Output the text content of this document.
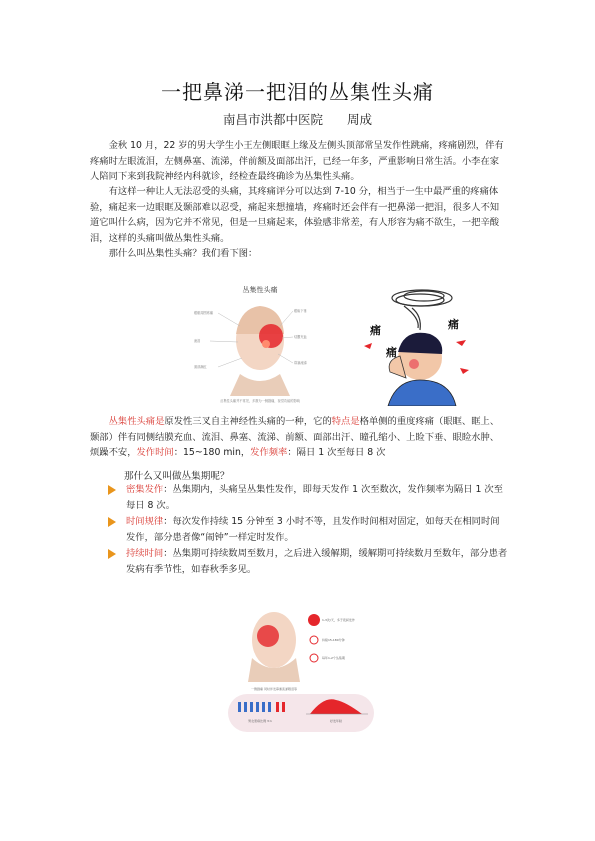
一把鼻涕一把泪的丛集性头痛
南昌市洪都中医院 周成

金秋 10 月，22 岁的男大学生小王左侧眼眶上缘及左侧头顶部常呈发作性跳痛，疼痛剧烈，伴有疼痛时左眼流泪，左侧鼻塞、流涕，伴前额及面部出汗，已经一年多，严重影响日常生活。小李在家人陪同下来到我院神经内科就诊，经检查最终确诊为丛集性头痛。

有这样一种让人无法忍受的头痛，其疼痛评分可以达到 7-10 分，相当于一生中最严重的疼痛体验，痛起来一边眼眶及颞部难以忍受，痛起来想撞墙，疼痛时还会伴有一把鼻涕一把泪，很多人不知道它叫什么病，因为它并不常见，但是一旦痛起来，体验感非常差，有人形容为痛不欲生，一把辛酸泪，这样的头痛叫做丛集性头痛。

那什么叫丛集性头痛？我们看下图：

丛集性头痛
眼眶周围疼痛
流泪
面部潮红
眼睑下垂
结膜充血
鼻塞流涕
丛集性头痛并不常见，多数为一侧剧痛，视觉功能的影响
痛	痛
痛

丛集性头痛是原发性三叉自主神经性头痛的一种，它的特点是格单侧的重度疼痛（眼眶、眶上、颞部）伴有同侧结膜充血、流泪、鼻塞、流涕、前额、面部出汗、瞳孔缩小、上睑下垂、眼睑水肿、烦躁不安，发作时间：15~180 min，发作频率：隔日 1 次至每日 8 次

那什么又叫做丛集期呢？
密集发作：丛集期内，头痛呈丛集性发作，即每天发作 1 次至数次，发作频率为隔日 1 次至每日 8 次。
时间规律：每次发作持续 15 分钟至 3 小时不等，且发作时间相对固定，如每天在相同时间发作，部分患者像“闹钟”一样定时发作。
持续时间：丛集期可持续数周至数月，之后进入缓解期，缓解期可持续数月至数年，部分患者发病有季节性，如春秋季多见。
一侧剧痛 同时伴发鼻塞流涕眼泪等
1-3次/天，多于夜间发作
持续15-180分钟
每年1-2个丛集期
男女患病比例 3:1	好发年龄
